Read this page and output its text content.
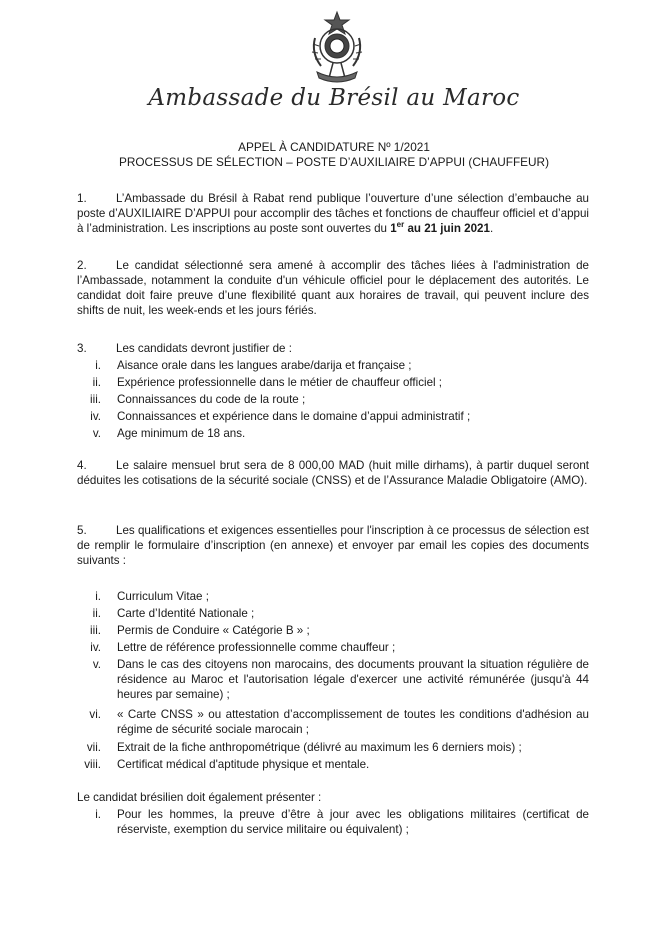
Ambassade du Brésil au Maroc
APPEL À CANDIDATURE Nº 1/2021
PROCESSUS DE SÉLECTION – POSTE D’AUXILIAIRE D’APPUI (CHAUFFEUR)
1.	L’Ambassade du Brésil à Rabat rend publique l’ouverture d’une sélection d’embauche au poste d’AUXILIAIRE D’APPUI pour accomplir des tâches et fonctions de chauffeur officiel et d’appui à l’administration. Les inscriptions au poste sont ouvertes du 1er au 21 juin 2021.
2.	Le candidat sélectionné sera amené à accomplir des tâches liées à l'administration de l’Ambassade, notamment la conduite d'un véhicule officiel pour le déplacement des autorités. Le candidat doit faire preuve d’une flexibilité quant aux horaires de travail, qui peuvent inclure des shifts de nuit, les week-ends et les jours fériés.
3.	Les candidats devront justifier de :
i. Aisance orale dans les langues arabe/darija et française ;
ii. Expérience professionnelle dans le métier de chauffeur officiel ;
iii. Connaissances du code de la route ;
iv. Connaissances et expérience dans le domaine d’appui administratif ;
v. Age minimum de 18 ans.
4.	Le salaire mensuel brut sera de 8 000,00 MAD (huit mille dirhams), à partir duquel seront déduites les cotisations de la sécurité sociale (CNSS) et de l’Assurance Maladie Obligatoire (AMO).
5.	Les qualifications et exigences essentielles pour l'inscription à ce processus de sélection est de remplir le formulaire d’inscription (en annexe) et envoyer par email les copies des documents suivants :
i. Curriculum Vitae ;
ii. Carte d’Identité Nationale ;
iii. Permis de Conduire « Catégorie B » ;
iv. Lettre de référence professionnelle comme chauffeur ;
v. Dans le cas des citoyens non marocains, des documents prouvant la situation régulière de résidence au Maroc et l'autorisation légale d'exercer une activité rémunérée (jusqu'à 44 heures par semaine) ;
vi. « Carte CNSS » ou attestation d’accomplissement de toutes les conditions d'adhésion au régime de sécurité sociale marocain ;
vii. Extrait de la fiche anthropométrique (délivré au maximum les 6 derniers mois) ;
viii. Certificat médical d'aptitude physique et mentale.
Le candidat brésilien doit également présenter :
i. Pour les hommes, la preuve d’être à jour avec les obligations militaires (certificat de réserviste, exemption du service militaire ou équivalent) ;
